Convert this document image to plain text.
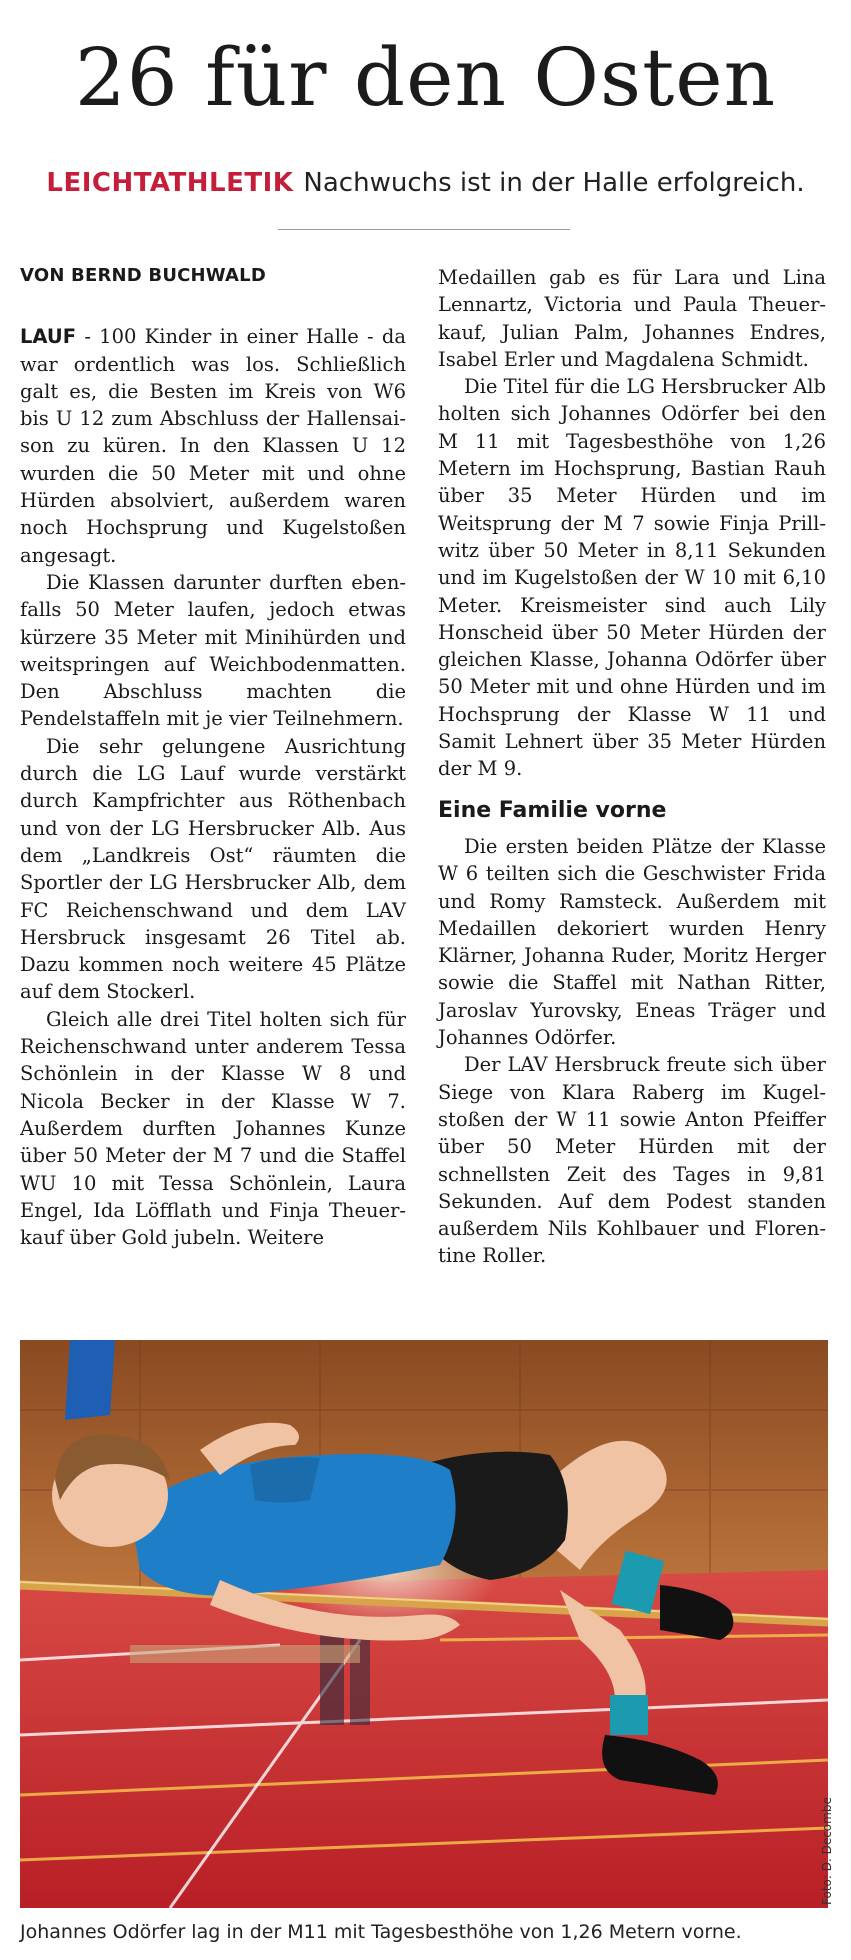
26 für den Osten
LEICHTATHLETIK Nachwuchs ist in der Halle erfolgreich.
VON BERND BUCHWALD

LAUF - 100 Kinder in einer Halle - da war ordentlich was los. Schließlich galt es, die Besten im Kreis von W6 bis U 12 zum Abschluss der Hallensaison zu küren. In den Klassen U 12 wurden die 50 Meter mit und ohne Hürden absolviert, außerdem waren noch Hochsprung und Kugelstoßen angesagt.

Die Klassen darunter durften ebenfalls 50 Meter laufen, jedoch etwas kürzere 35 Meter mit Minihürden und weitspringen auf Weichbodenmatten. Den Abschluss machten die Pendelstaffeln mit je vier Teilnehmern.

Die sehr gelungene Ausrichtung durch die LG Lauf wurde verstärkt durch Kampfrichter aus Röthenbach und von der LG Hersbrucker Alb. Aus dem „Landkreis Ost“ räumten die Sportler der LG Hersbrucker Alb, dem FC Reichenschwand und dem LAV Hersbruck insgesamt 26 Titel ab. Dazu kommen noch weitere 45 Plätze auf dem Stockerl.

Gleich alle drei Titel holten sich für Reichenschwand unter anderem Tessa Schönlein in der Klasse W 8 und Nicola Becker in der Klasse W 7. Außerdem durften Johannes Kunze über 50 Meter der M 7 und die Staffel WU 10 mit Tessa Schönlein, Laura Engel, Ida Löfflath und Finja Theuerkauf über Gold jubeln. Weitere

Medaillen gab es für Lara und Lina Lennartz, Victoria und Paula Theuerkauf, Julian Palm, Johannes Endres, Isabel Erler und Magdalena Schmidt.

Die Titel für die LG Hersbrucker Alb holten sich Johannes Odörfer bei den M 11 mit Tagesbesthöhe von 1,26 Metern im Hochsprung, Bastian Rauh über 35 Meter Hürden und im Weitsprung der M 7 sowie Finja Prillwitz über 50 Meter in 8,11 Sekunden und im Kugelstoßen der W 10 mit 6,10 Meter. Kreismeister sind auch Lily Honscheid über 50 Meter Hürden der gleichen Klasse, Johanna Odörfer über 50 Meter mit und ohne Hürden und im Hochsprung der Klasse W 11 und Samit Lehnert über 35 Meter Hürden der M 9.

Eine Familie vorne

Die ersten beiden Plätze der Klasse W 6 teilten sich die Geschwister Frida und Romy Ramsteck. Außerdem mit Medaillen dekoriert wurden Henry Klärner, Johanna Ruder, Moritz Herger sowie die Staffel mit Nathan Ritter, Jaroslav Yurovsky, Eneas Träger und Johannes Odörfer.

Der LAV Hersbruck freute sich über Siege von Klara Raberg im Kugelstoßen der W 11 sowie Anton Pfeiffer über 50 Meter Hürden mit der schnellsten Zeit des Tages in 9,81 Sekunden. Auf dem Podest standen außerdem Nils Kohlbauer und Florentine Roller.

Foto: D. Decombe
Johannes Odörfer lag in der M11 mit Tagesbesthöhe von 1,26 Metern vorne.
